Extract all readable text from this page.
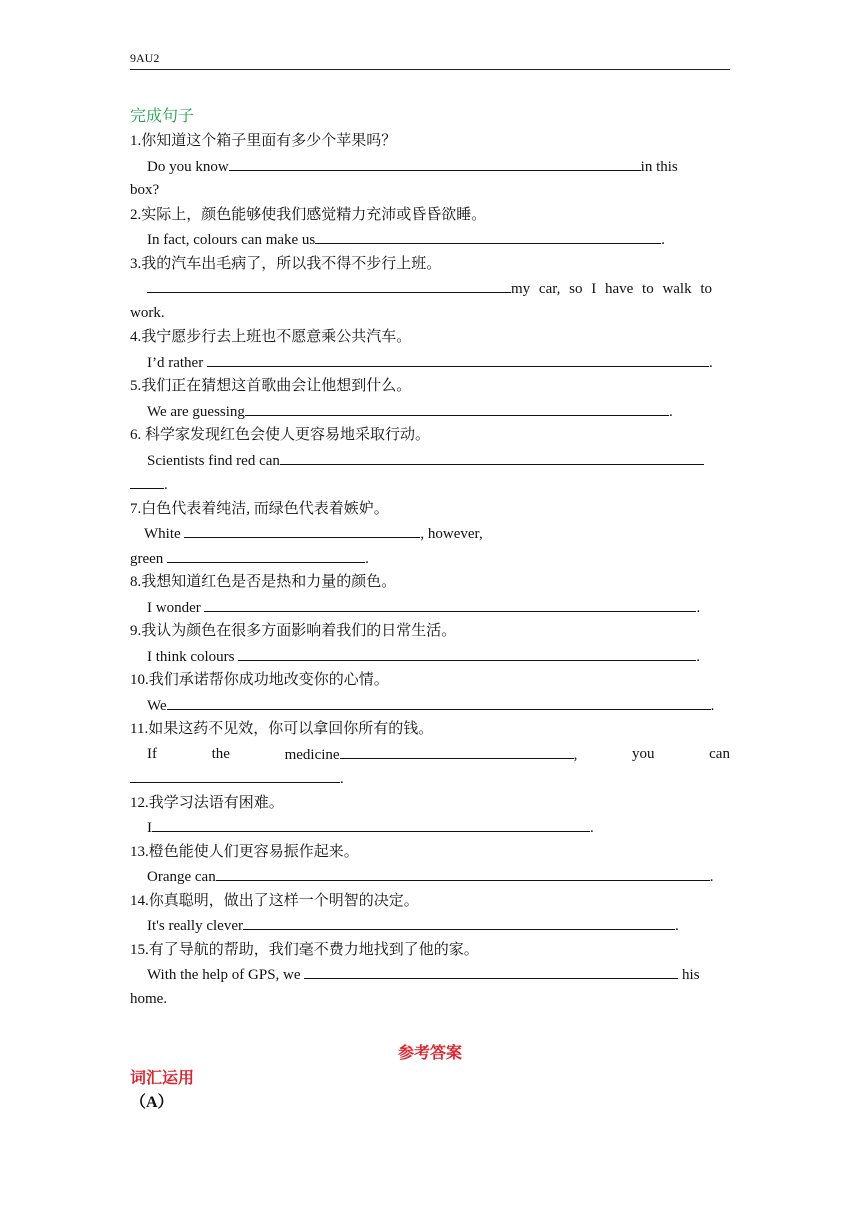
9AU2
完成句子
1.你知道这个箱子里面有多少个苹果吗？
Do you know	in this
box?
2.实际上，颜色能够使我们感觉精力充沛或昏昏欲睡。
In fact, colours can make us	.
3.我的汽车出毛病了，所以我不得不步行上班。
my car, so I have to walk to
work.
4.我宁愿步行去上班也不愿意乘公共汽车。
I’d rather	.
5.我们正在猜想这首歌曲会让他想到什么。
We are guessing	.
6. 科学家发现红色会使人更容易地采取行动。
Scientists find red can
.
7.白色代表着纯洁, 而绿色代表着嫉妒。
White	, however,
green	.
8.我想知道红色是否是热和力量的颜色。
I wonder	.
9.我认为颜色在很多方面影响着我们的日常生活。
I think colours	.
10.我们承诺帮你成功地改变你的心情。
We	.
11.如果这药不见效，你可以拿回你所有的钱。
If	the	medicine	,	you	can
.
12.我学习法语有困难。
I	.
13.橙色能使人们更容易振作起来。
Orange can	.
14.你真聪明，做出了这样一个明智的决定。
It's really clever	.
15.有了导航的帮助，我们毫不费力地找到了他的家。
With the help of GPS, we	his
home.
参考答案
词汇运用
（A）
